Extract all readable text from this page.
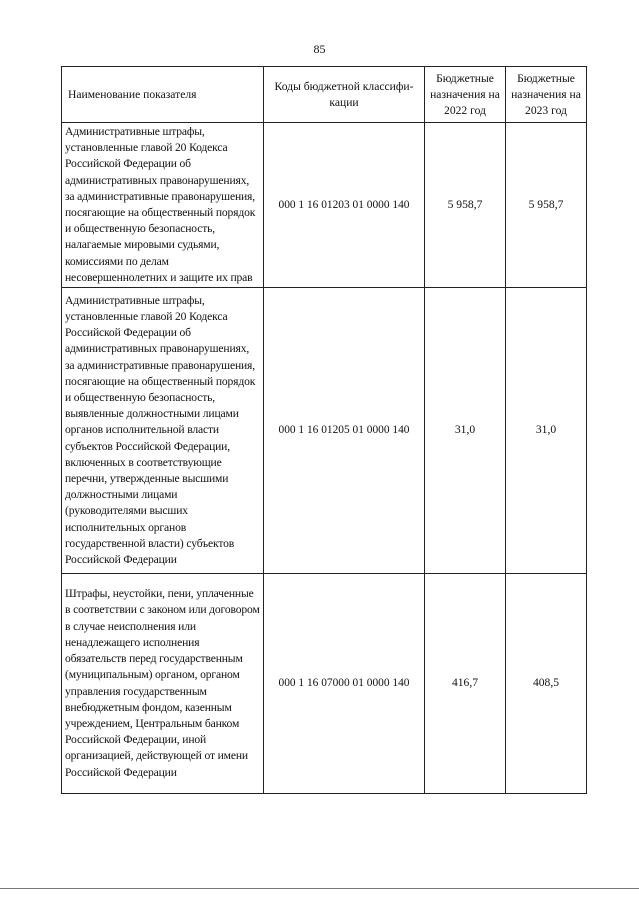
85
Наименование показателя	Коды бюджетной классифи-кации	Бюджетные назначения на 2022 год	Бюджетные назначения на 2023 год
Административные штрафы, установленные главой 20 Кодекса Российской Федерации об административных правонарушениях, за административные правонарушения, посягающие на общественный порядок и общественную безопасность, налагаемые мировыми судьями, комиссиями по делам несовершеннолетних и защите их прав	000 1 16 01203 01 0000 140	5 958,7	5 958,7
Административные штрафы, установленные главой 20 Кодекса Российской Федерации об административных правонарушениях, за административные правонарушения, посягающие на общественный порядок и общественную безопасность, выявленные должностными лицами органов исполнительной власти субъектов Российской Федерации, включенных в соответствующие перечни, утвержденные высшими должностными лицами (руководителями высших исполнительных органов государственной власти) субъектов Российской Федерации	000 1 16 01205 01 0000 140	31,0	31,0
Штрафы, неустойки, пени, уплаченные в соответствии с законом или договором в случае неисполнения или ненадлежащего исполнения обязательств перед государственным (муниципальным) органом, органом управления государственным внебюджетным фондом, казенным учреждением, Центральным банком Российской Федерации, иной организацией, действующей от имени Российской Федерации	000 1 16 07000 01 0000 140	416,7	408,5
